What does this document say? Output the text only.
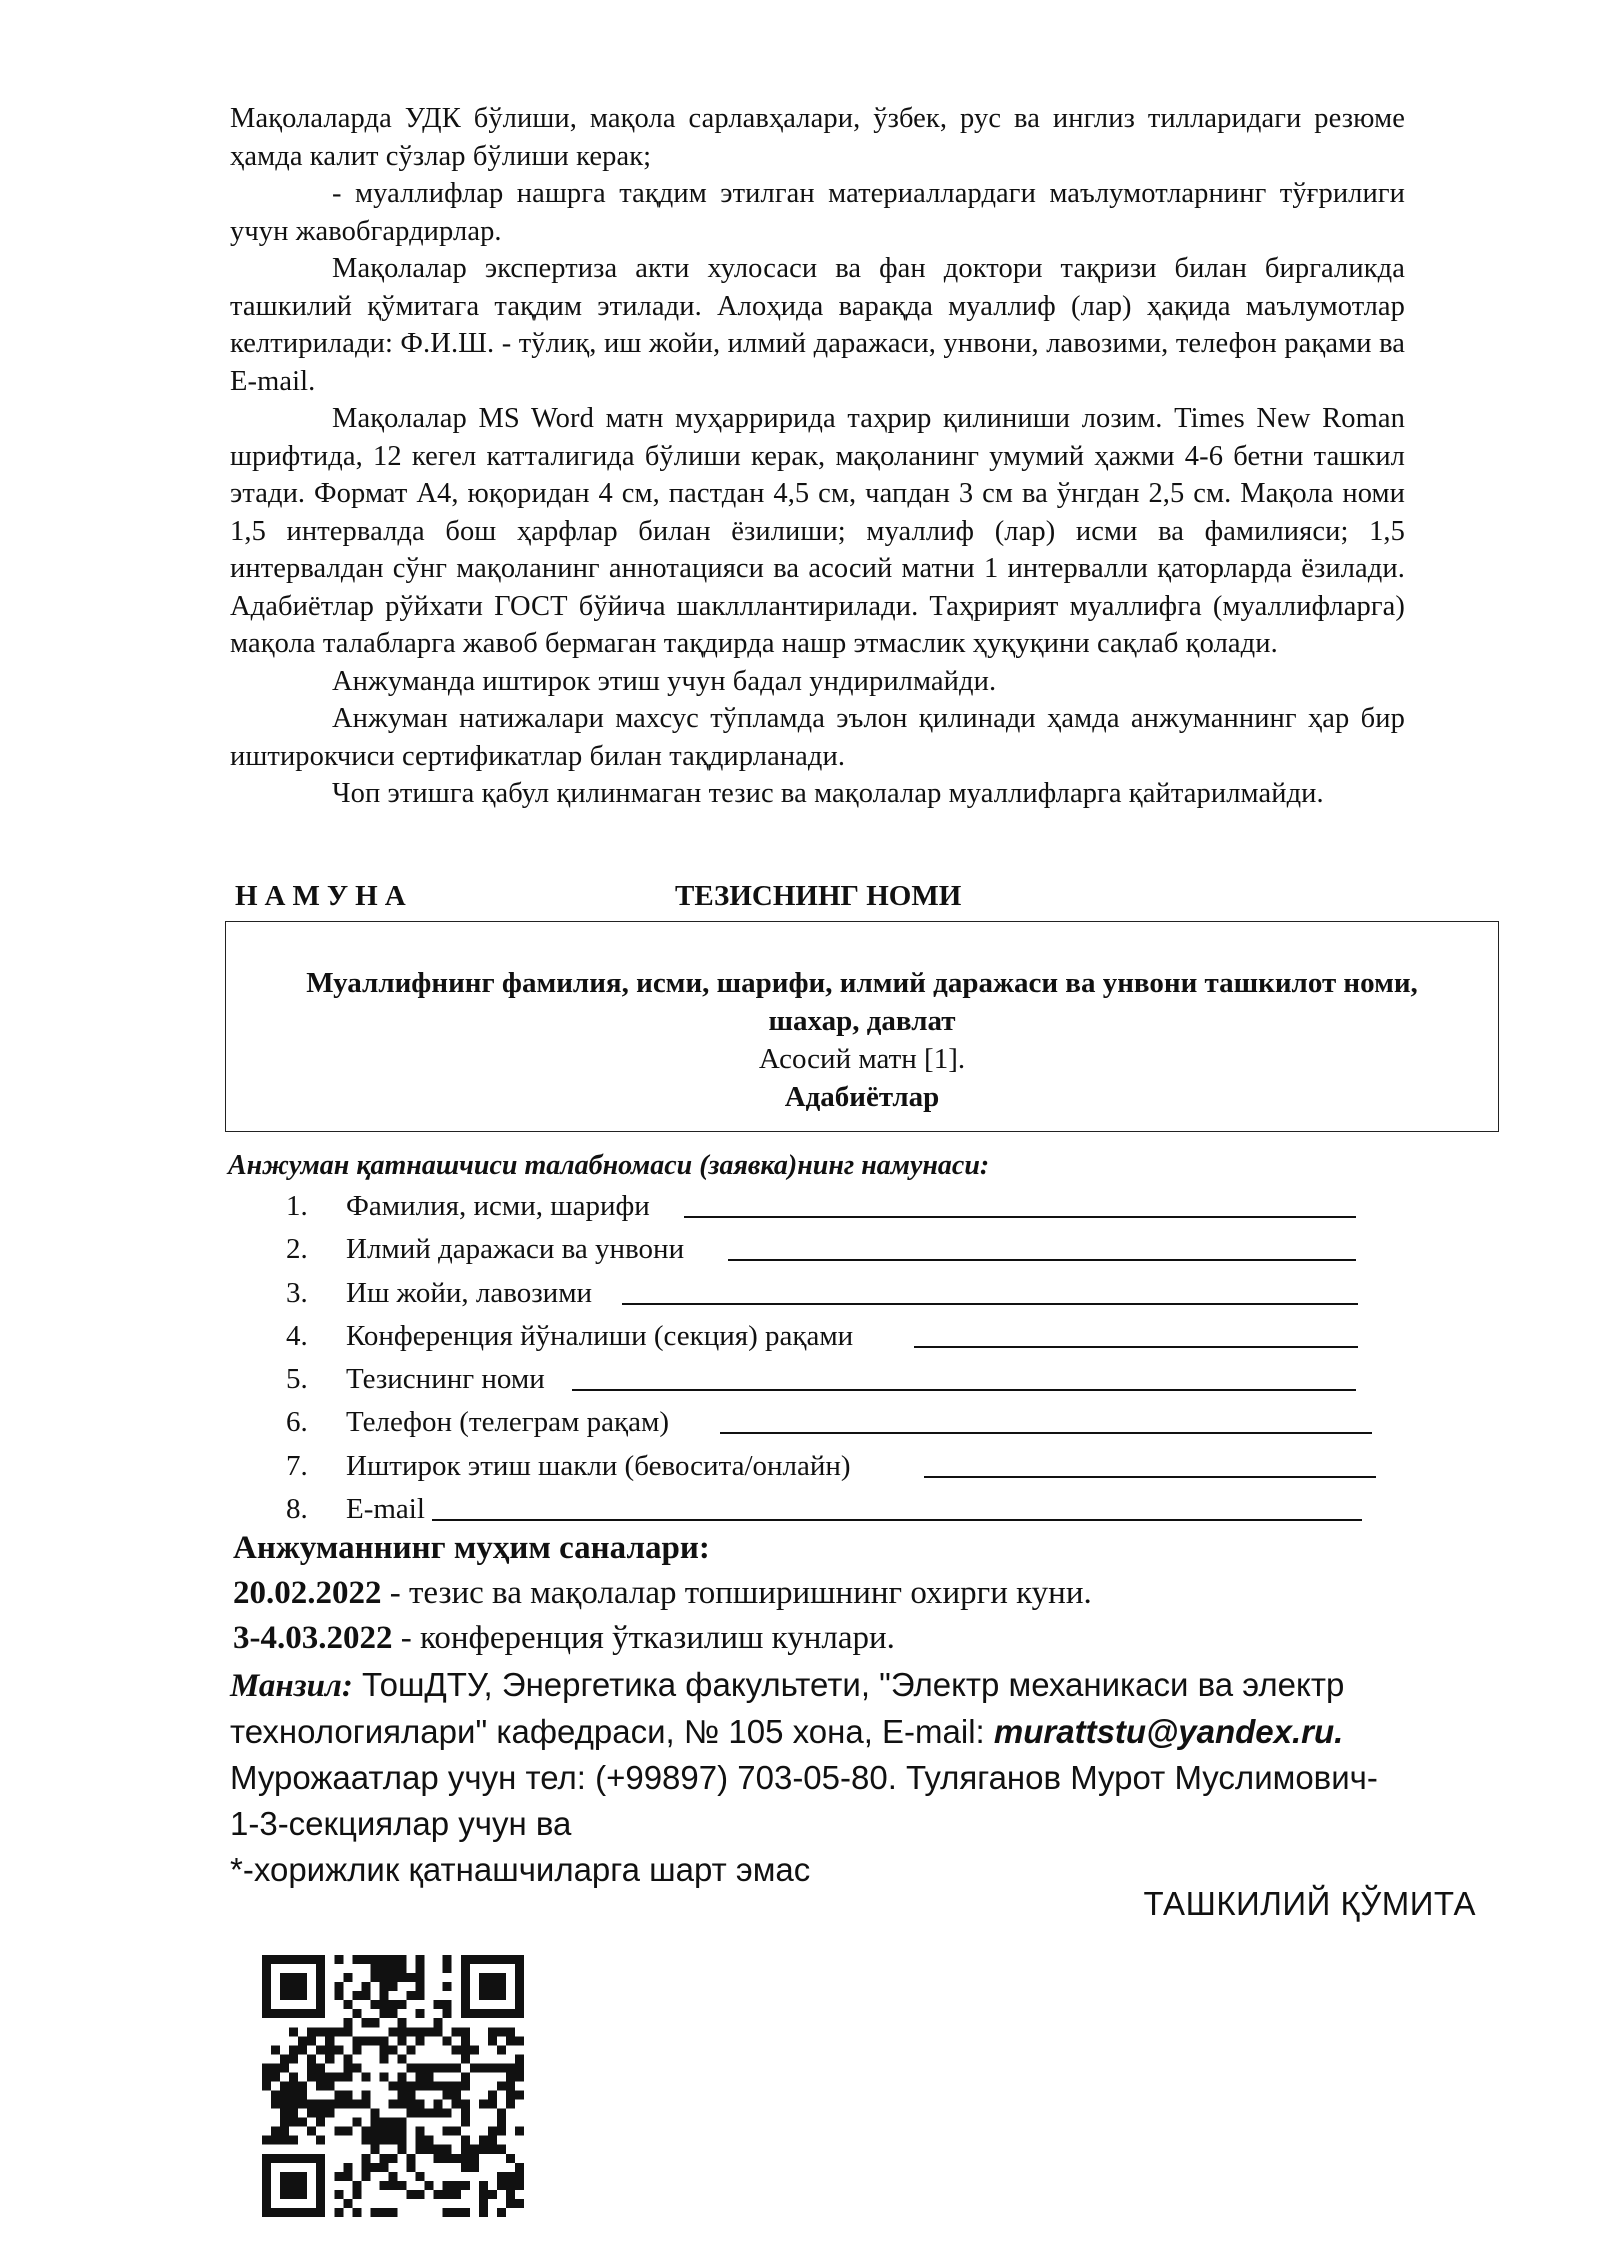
Мақолаларда УДК бўлиши, мақола сарлавҳалари, ўзбек, рус ва инглиз тилларидаги резюме ҳамда калит сўзлар бўлиши керак;

- муаллифлар нашрга тақдим этилган материаллардаги маълумотларнинг тўғрилиги учун жавобгардирлар.

Мақолалар экспертиза акти хулосаси ва фан доктори тақризи билан биргаликда ташкилий қўмитага тақдим этилади. Алоҳида варақда муаллиф (лар) ҳақида маълумотлар келтирилади: Ф.И.Ш. - тўлиқ, иш жойи, илмий даражаси, унвони, лавозими, телефон рақами ва E-mail.

Мақолалар MS Word матн муҳарририда таҳрир қилиниши лозим. Times New Roman шрифтида, 12 кегел катталигида бўлиши керак, мақоланинг умумий ҳажми 4-6 бетни ташкил этади. Формат А4, юқоридан 4 см, пастдан 4,5 см, чапдан 3 см ва ўнгдан 2,5 см. Мақола номи 1,5 интервалда бош ҳарфлар билан ёзилиши; муаллиф (лар) исми ва фамилияси; 1,5 интервалдан сўнг мақоланинг аннотацияси ва асосий матни 1 интервалли қаторларда ёзилади. Адабиётлар рўйхати ГОСТ бўйича шаклллантирилади. Таҳририят муаллифга (муаллифларга) мақола талабларга жавоб бермаган тақдирда нашр этмаслик ҳуқуқини сақлаб қолади.

Анжуманда иштирок этиш учун бадал ундирилмайди.

Анжуман натижалари махсус тўпламда эълон қилинади ҳамда анжуманнинг ҳар бир иштирокчиси сертификатлар билан тақдирланади.

Чоп этишга қабул қилинмаган тезис ва мақолалар муаллифларга қайтарилмайди.

НАМУНА	ТЕЗИСНИНГ НОМИ
Муаллифнинг фамилия, исми, шарифи, илмий даражаси ва унвони ташкилот номи,
шахар, давлат
Асосий матн [1].
Адабиётлар
Анжуман қатнашчиси талабномаси (заявка)нинг намунаси:
1. Фамилия, исми, шарифи
2. Илмий даражаси ва унвони
3. Иш жойи, лавозими
4. Конференция йўналиши (секция) рақами
5. Тезиснинг номи
6. Телефон (телеграм рақам)
7. Иштирок этиш шакли (бевосита/онлайн)
8. E-mail
Анжуманнинг муҳим саналари:
20.02.2022 - тезис ва мақолалар топширишнинг охирги куни.
3-4.03.2022 - конференция ўтказилиш кунлари.
Манзил: ТошДТУ, Энергетика факультети, "Электр механикаси ва электр
технологиялари" кафедраси, № 105 хона, E-mail: murattstu@yandex.ru.
Мурожаатлар учун тел: (+99897) 703-05-80. Туляганов Мурот Муслимович-
1-3-секциялар учун ва
*-хорижлик қатнашчиларга шарт эмас
ТАШКИЛИЙ ҚЎМИТА
